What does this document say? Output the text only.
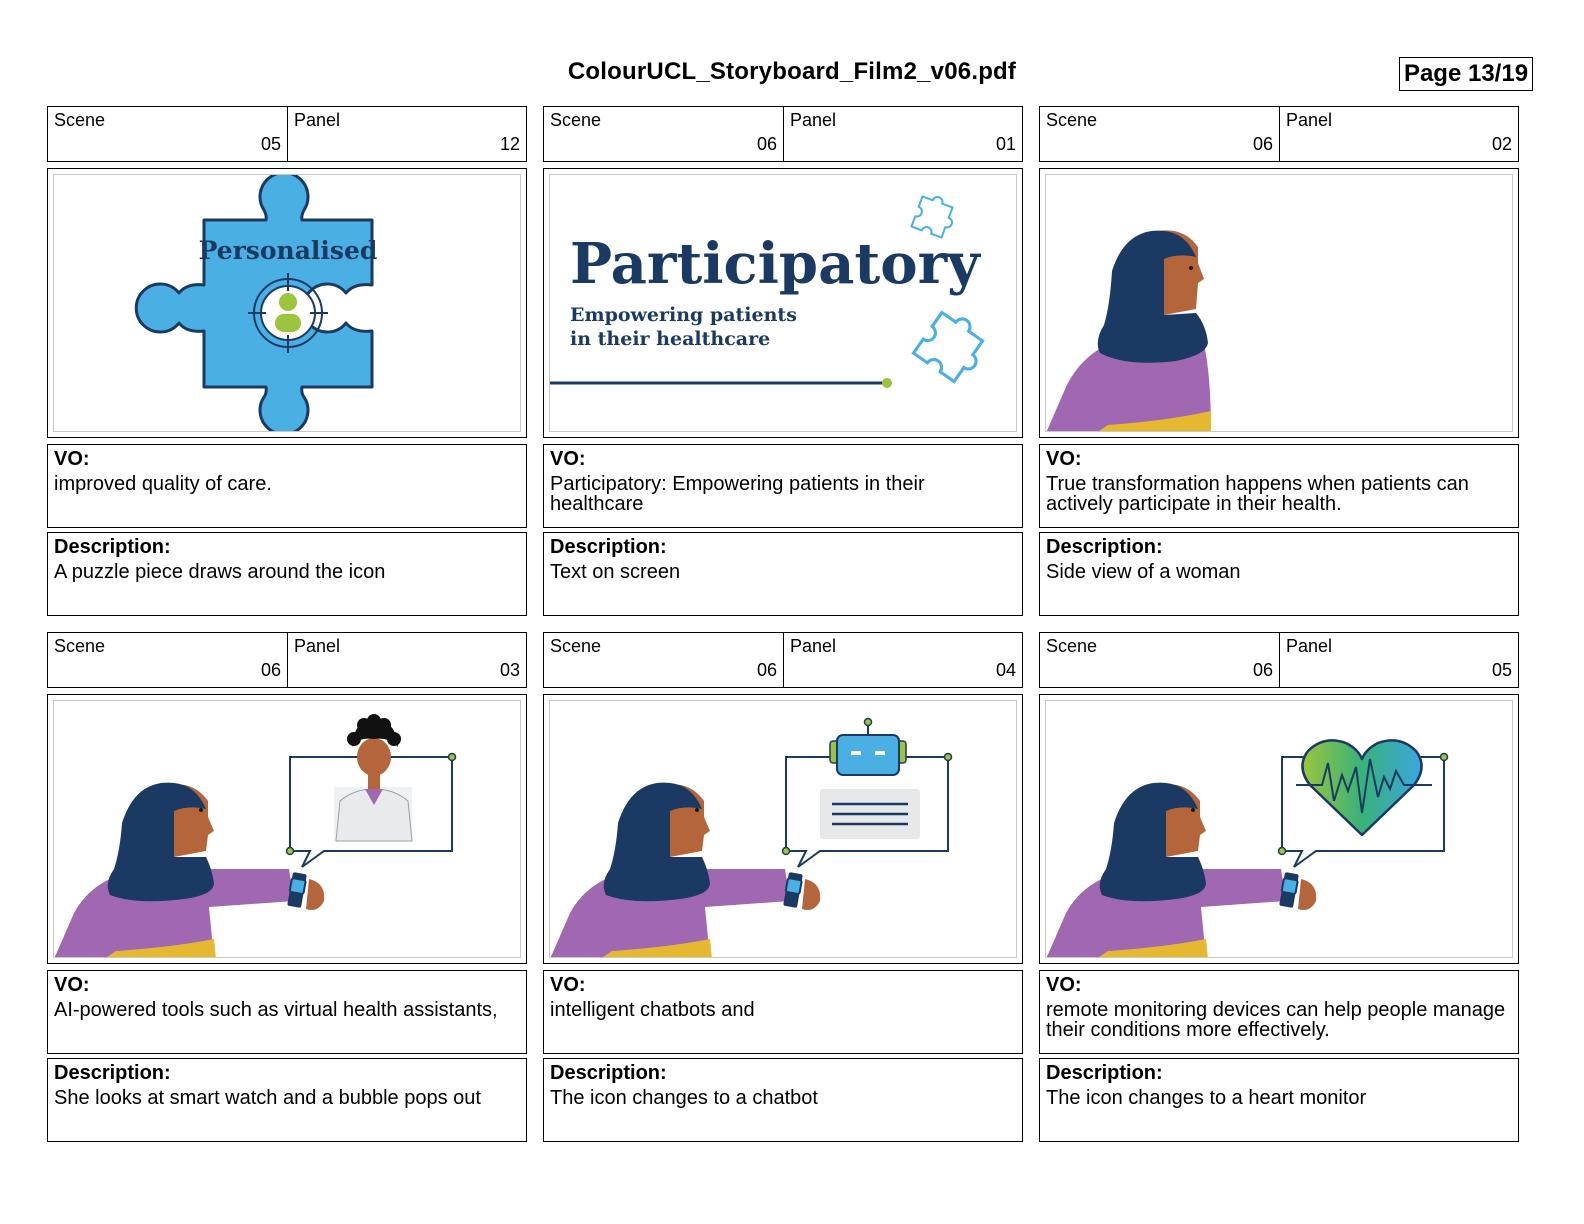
ColourUCL_Storyboard_Film2_v06.pdf	Page 13/19
Scene
05
Panel
12
Personalised
VO:
improved quality of care.
Description:
A puzzle piece draws around the icon
Scene
06
Panel
01
Participatory
Empowering patients
in their healthcare
VO:
Participatory: Empowering patients in their healthcare
Description:
Text on screen
Scene
06
Panel
02
VO:
True transformation happens when patients can actively participate in their health.
Description:
Side view of a woman
Scene
06
Panel
03
VO:
AI-powered tools such as virtual health assistants,
Description:
She looks at smart watch and a bubble pops out
Scene
06
Panel
04
VO:
intelligent chatbots and
Description:
The icon changes to a chatbot
Scene
06
Panel
05
VO:
remote monitoring devices can help people manage their conditions more effectively.
Description:
The icon changes to a heart monitor
